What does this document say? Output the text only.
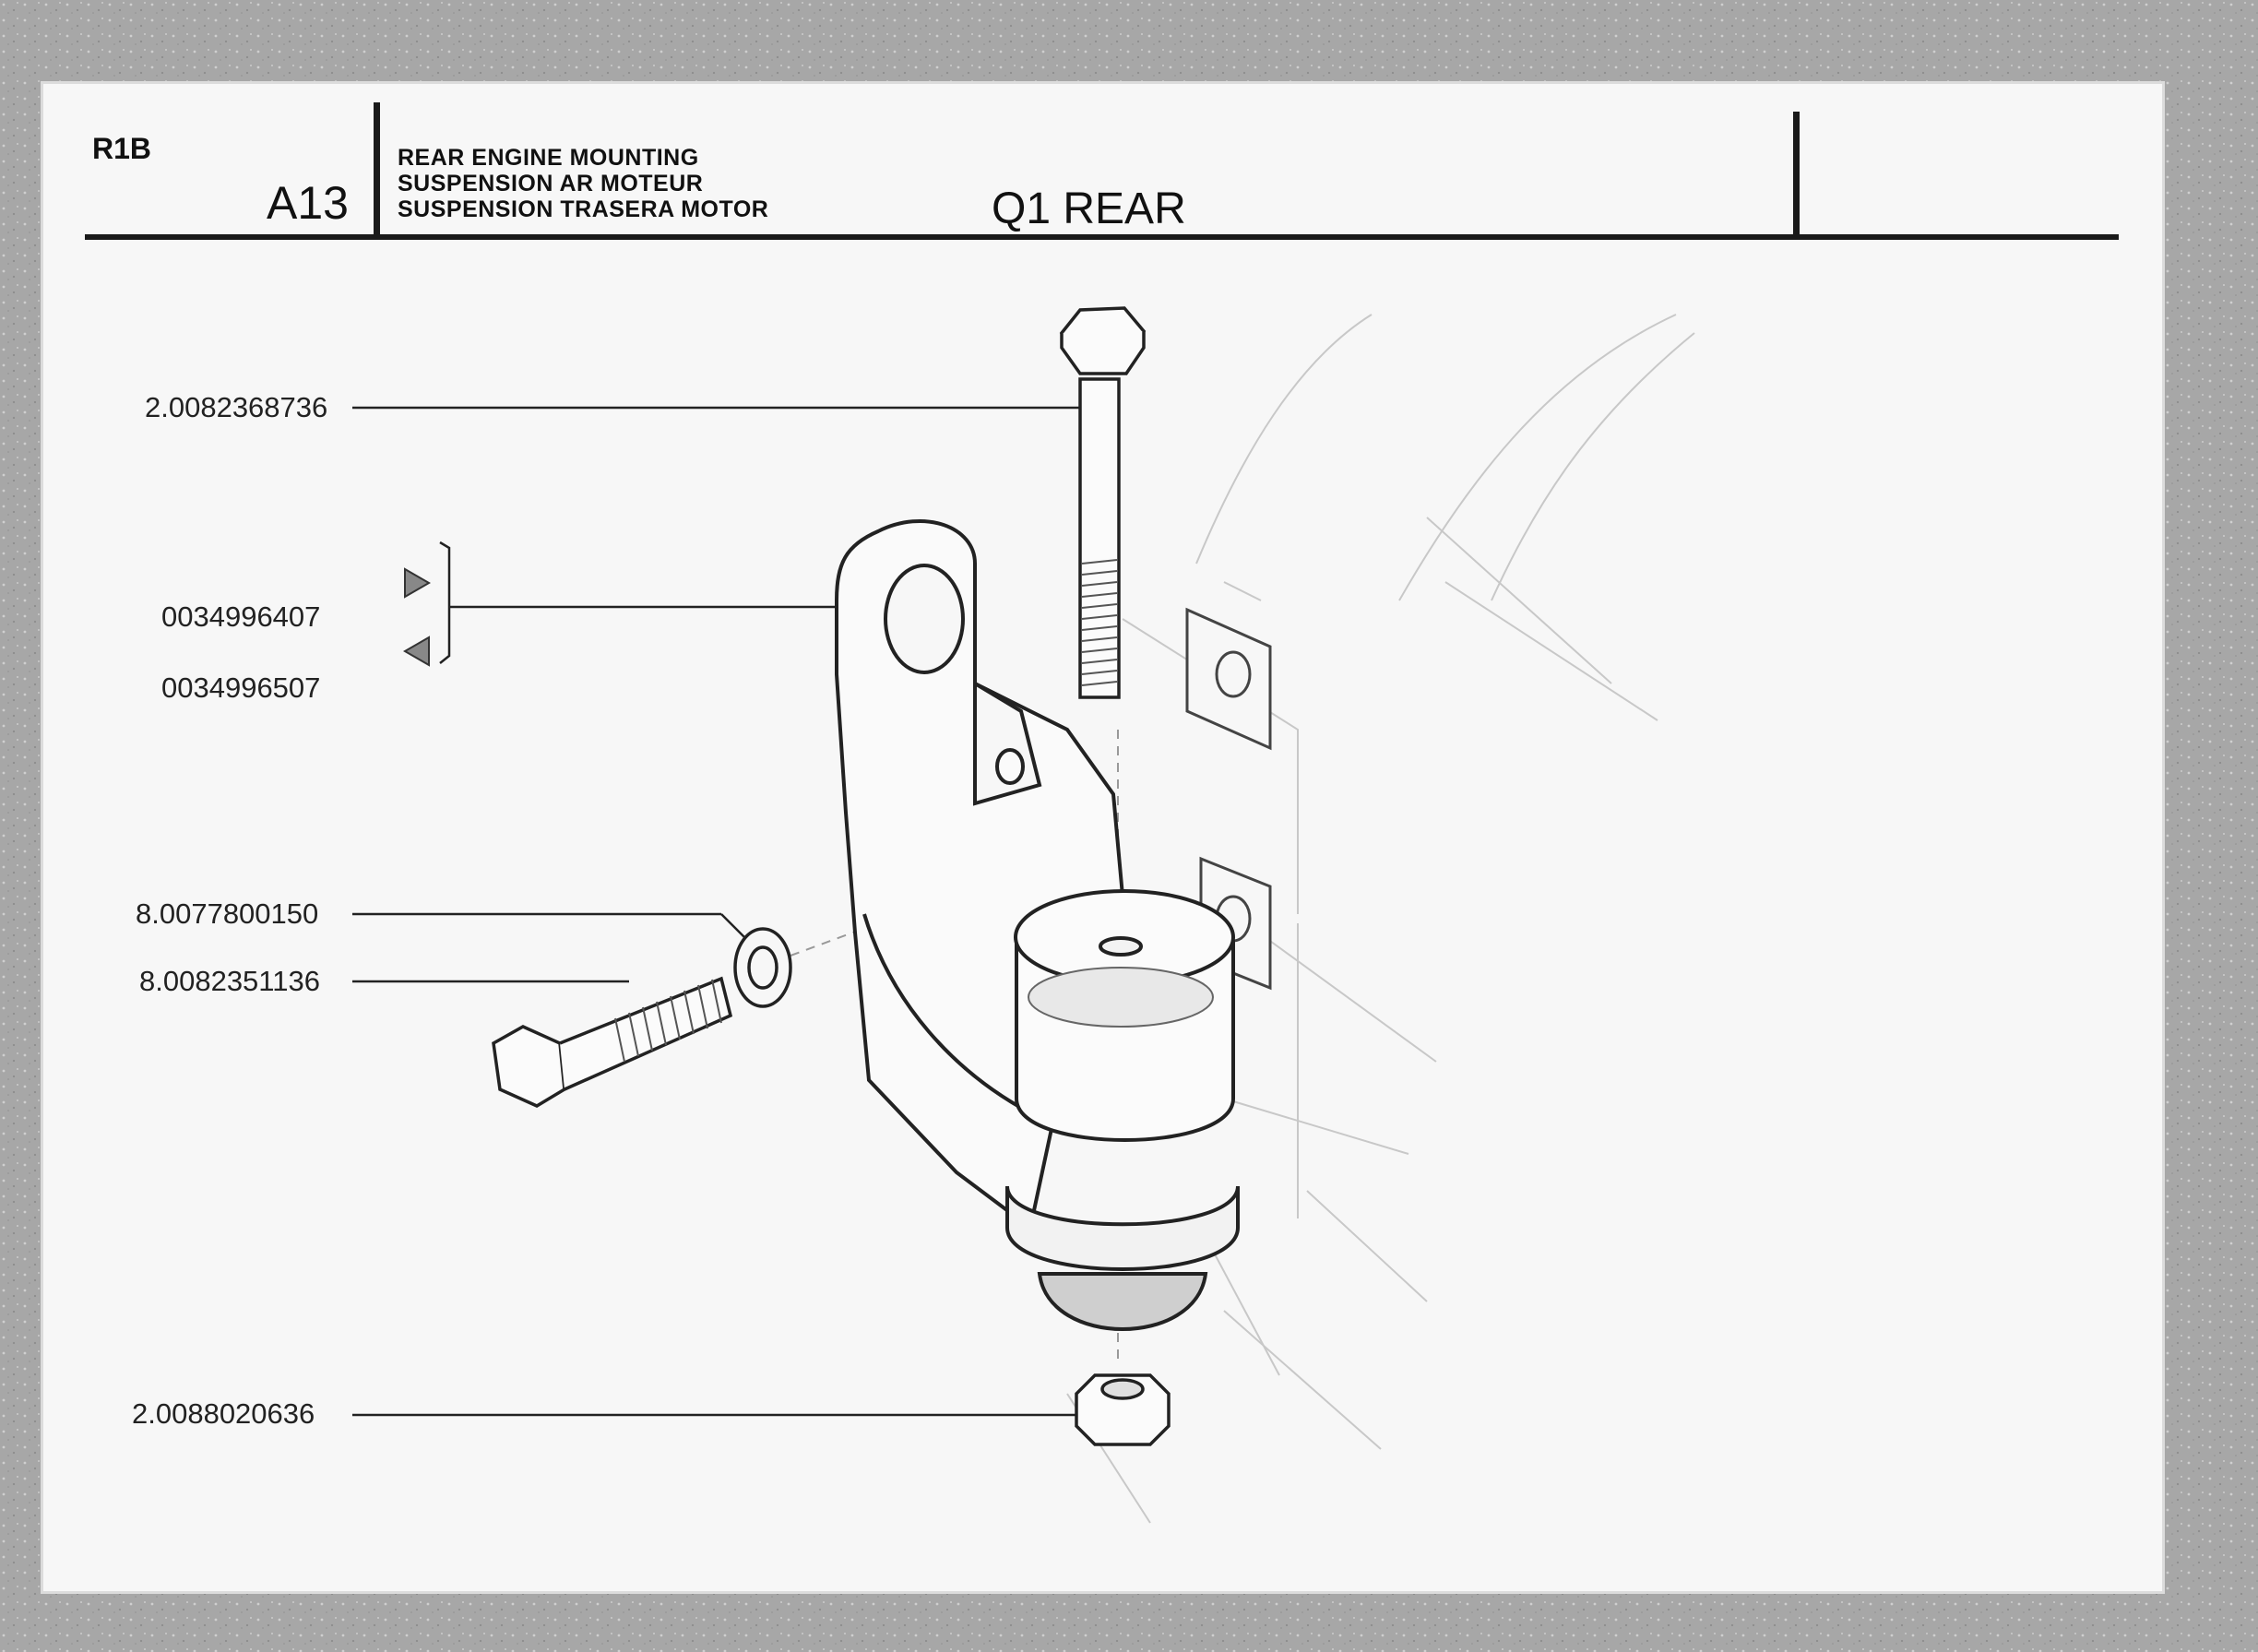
R1B
A13
REAR ENGINE MOUNTING
SUSPENSION AR MOTEUR
SUSPENSION TRASERA MOTOR	Q1 REAR
2.0082368736
0034996407
0034996507
8.0077800150
8.0082351136
2.0088020636
